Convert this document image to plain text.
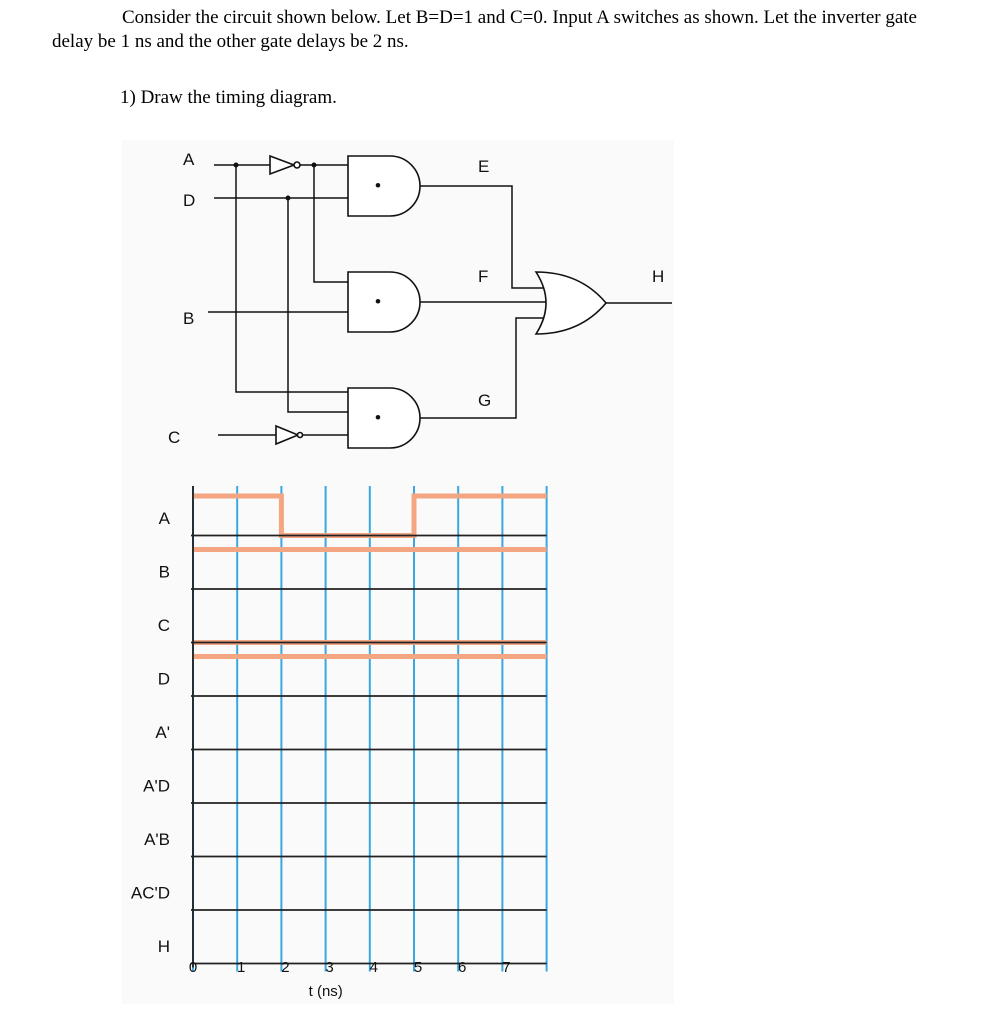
Consider the circuit shown below. Let B=D=1 and C=0. Input A switches as shown. Let the inverter gate delay be 1 ns and the other gate delays be 2 ns.
1) Draw the timing diagram.
A
D
B
C
E
F
G
H
•
•
•
A
B
C
D
A'
A'D
A'B
AC'D
H
0	1 2 3 4 5 6 7
t (ns)
